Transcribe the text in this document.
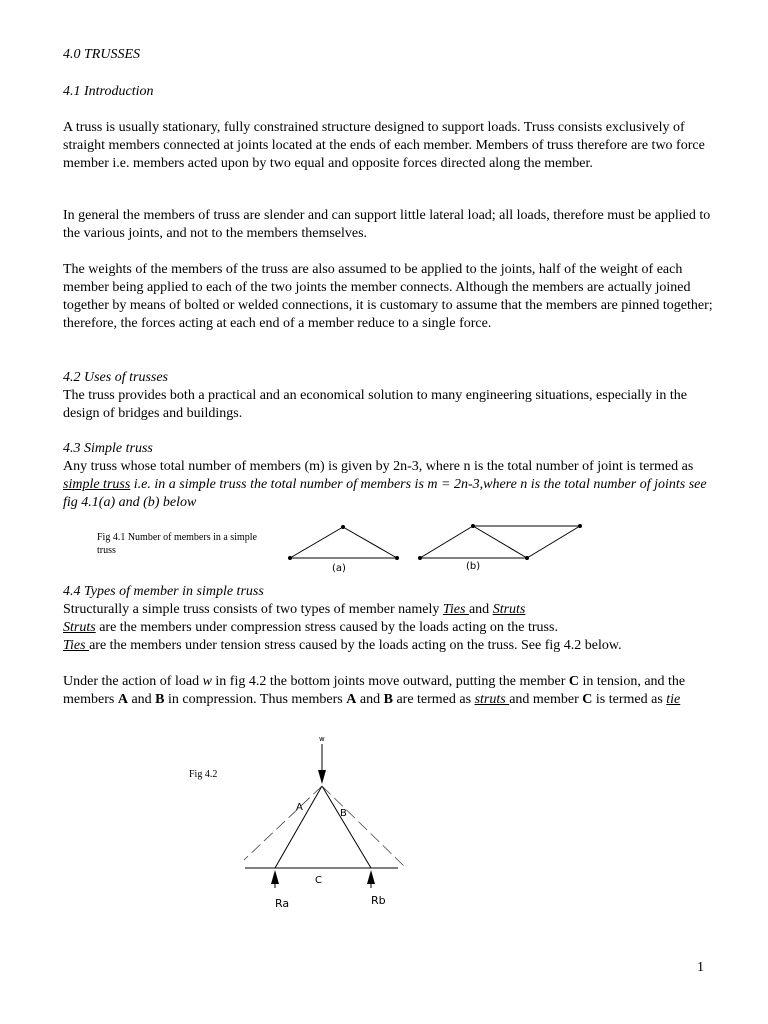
4.0 TRUSSES

4.1 Introduction

A truss is usually stationary, fully constrained structure designed to support loads. Truss consists exclusively of straight members connected at joints located at the ends of each member. Members of truss therefore are two force member i.e. members acted upon by two equal and opposite forces directed along the member.

In general the members of truss are slender and can support little lateral load; all loads, therefore must be applied to the various joints, and not to the members themselves.

The weights of the members of the truss are also assumed to be applied to the joints, half of the weight of each member being applied to each of the two joints the member connects. Although the members are actually joined together by means of bolted or welded connections, it is customary to assume that the members are pinned together; therefore, the forces acting at each end of a member reduce to a single force.

4.2 Uses of trusses

The truss provides both a practical and an economical solution to many engineering situations, especially in the design of bridges and buildings.

4.3 Simple truss

Any truss whose total number of members (m) is given by 2n-3, where n is the total number of joint is termed as simple truss i.e. in a simple truss the total number of members is m = 2n-3,where n is the total number of joints see fig 4.1(a) and (b) below

Fig 4.1 Number of members in a simple truss

4.4 Types of member in simple truss

Structurally a simple truss consists of two types of member namely Ties and Struts

Struts are the members under compression stress caused by the loads acting on the truss.

Ties are the members under tension stress caused by the loads acting on the truss. See fig 4.2 below.

Under the action of load w in fig 4.2 the bottom joints move outward, putting the member C in tension, and the members A and B in compression. Thus members A and B are termed as struts and member C is termed as tie

Fig 4.2
(a)	(b)
w
A
B
C
Ra	Rb
1
